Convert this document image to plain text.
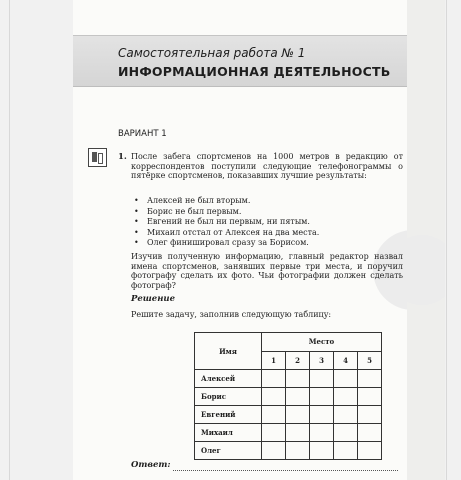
Самостоятельная работа № 1
ИНФОРМАЦИОННАЯ ДЕЯТЕЛЬНОСТЬ
ВАРИАНТ 1
1. После забега спортсменов на 1000 метров в редакцию от корреспондентов поступили следующие телефонограммы о пятёрке спортсменов, показавших лучшие результаты:
• Алексей не был вторым.
• Борис не был первым.
• Евгений не был ни первым, ни пятым.
• Михаил отстал от Алексея на два места.
• Олег финишировал сразу за Борисом.
Изучив полученную информацию, главный редактор назвал имена спортсменов, занявших первые три места, и поручил фотографу сделать их фото. Чьи фотографии должен сделать фотограф?
Решение
Решите задачу, заполнив следующую таблицу:
Имя	Место				
	1	2	3	4	5
Алексей					
Борис					
Евгений					
Михаил					
Олег					
Ответ:
